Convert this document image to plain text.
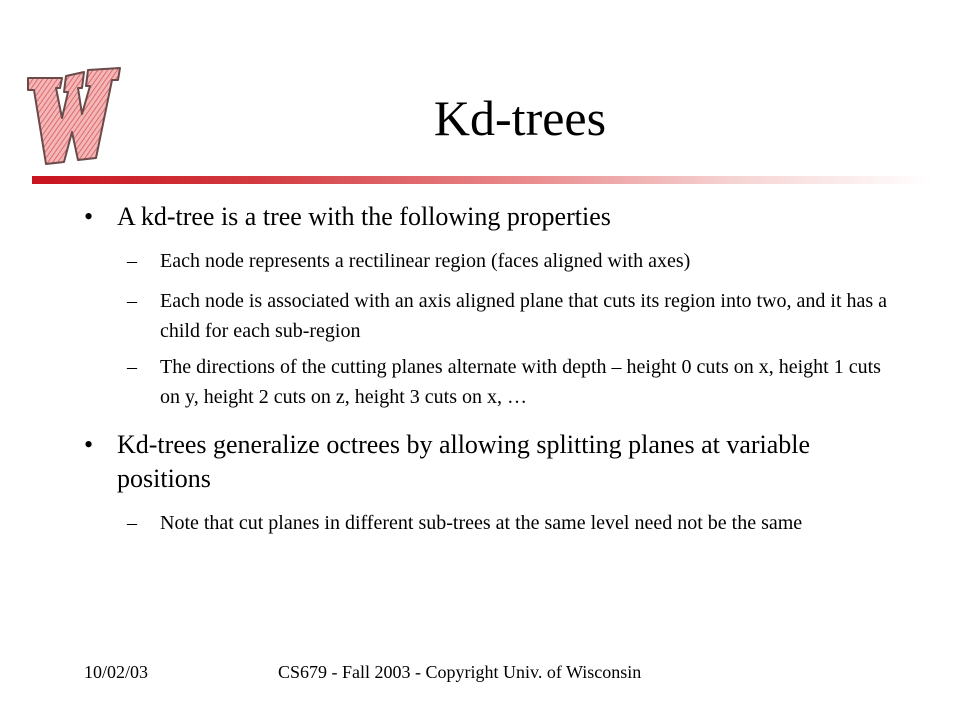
Kd-trees
• A kd-tree is a tree with the following properties
– Each node represents a rectilinear region (faces aligned with axes)
– Each node is associated with an axis aligned plane that cuts its region into two, and it has a child for each sub-region
– The directions of the cutting planes alternate with depth – height 0 cuts on x, height 1 cuts on y, height 2 cuts on z, height 3 cuts on x, …
• Kd-trees generalize octrees by allowing splitting planes at variable positions
– Note that cut planes in different sub-trees at the same level need not be the same
10/02/03	CS679 - Fall 2003 - Copyright Univ. of Wisconsin
